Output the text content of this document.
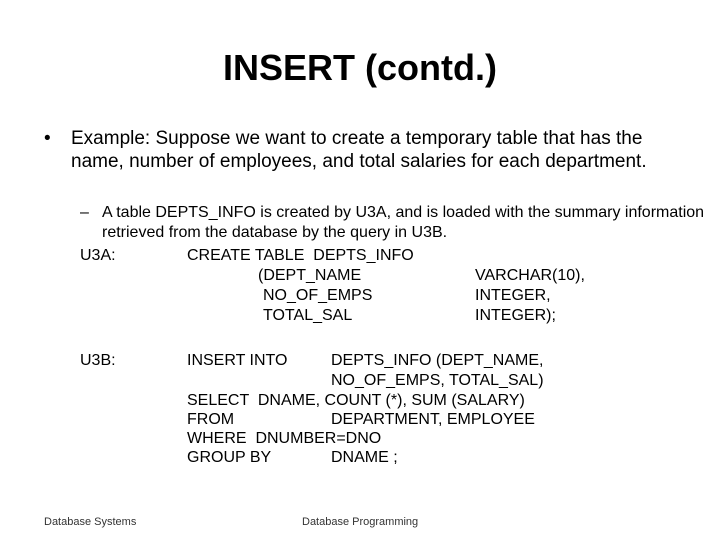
INSERT (contd.)
• Example: Suppose we want to create a temporary table that has the name, number of employees, and total salaries for each department.
– A table DEPTS_INFO is created by U3A, and is loaded with the summary information retrieved from the database by the query in U3B.
U3A:	CREATE TABLE  DEPTS_INFO
(DEPT_NAME	VARCHAR(10),
NO_OF_EMPS	INTEGER,
TOTAL_SAL	INTEGER);
U3B:	INSERT INTO	DEPTS_INFO (DEPT_NAME,
NO_OF_EMPS, TOTAL_SAL)
SELECT  DNAME, COUNT (*), SUM (SALARY)
FROM	DEPARTMENT, EMPLOYEE
WHERE  DNUMBER=DNO
GROUP BY	DNAME ;
Database Systems	Database Programming
